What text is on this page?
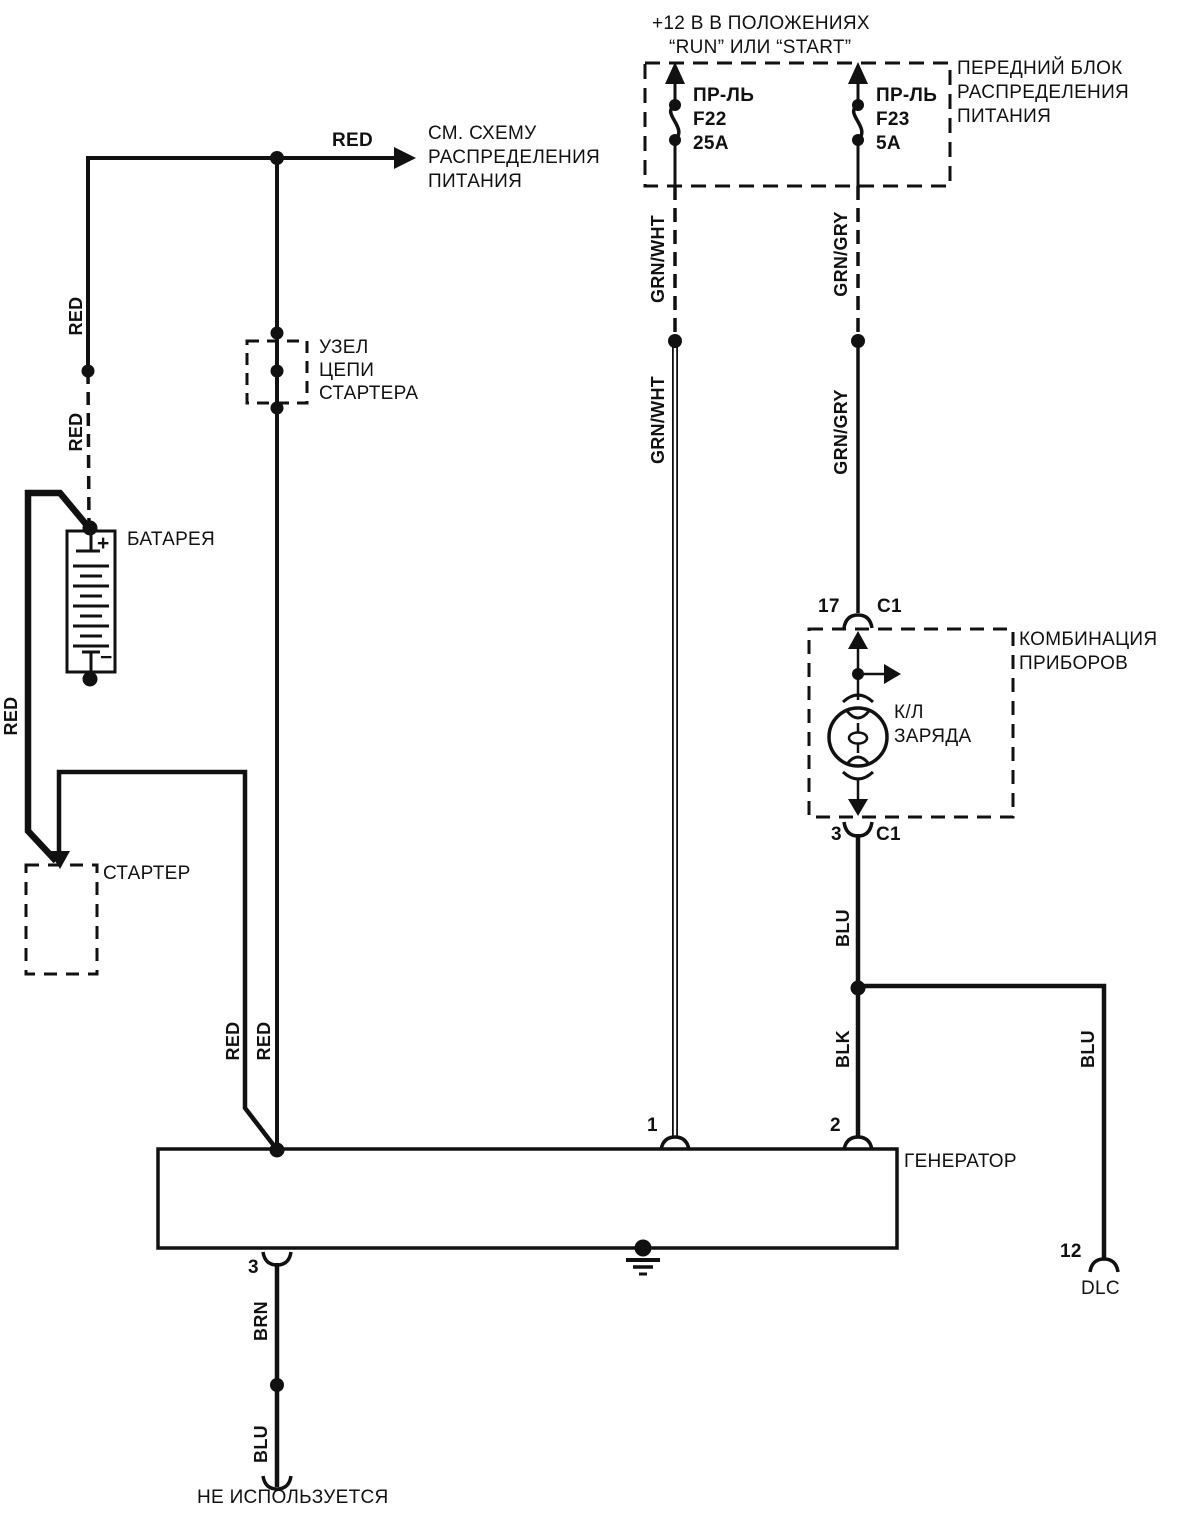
+12 В В ПОЛОЖЕНИЯХ
“RUN” ИЛИ “START”
ПЕРЕДНИЙ БЛОК
РАСПРЕДЕЛЕНИЯ
ПИТАНИЯ
ПР-ЛЬ
F22
25A
ПР-ЛЬ
F23
5A
RED	СМ. СХЕМУ
РАСПРЕДЕЛЕНИЯ
ПИТАНИЯ
RED
RED
RED
RED RED
GRN/WHT
GRN/WHT
GRN/GRY
GRN/GRY
BLU
BLK	BLU
BRN
BLU
УЗЕЛ
ЦЕПИ
СТАРТЕРА
БАТАРЕЯ
+
−
СТАРТЕР
17 C1
КОМБИНАЦИЯ
ПРИБОРОВ
К/Л
ЗАРЯДА
3 C1
ГЕНЕРАТОР
1	2
3
12
DLC
НЕ ИСПОЛЬЗУЕТСЯ
